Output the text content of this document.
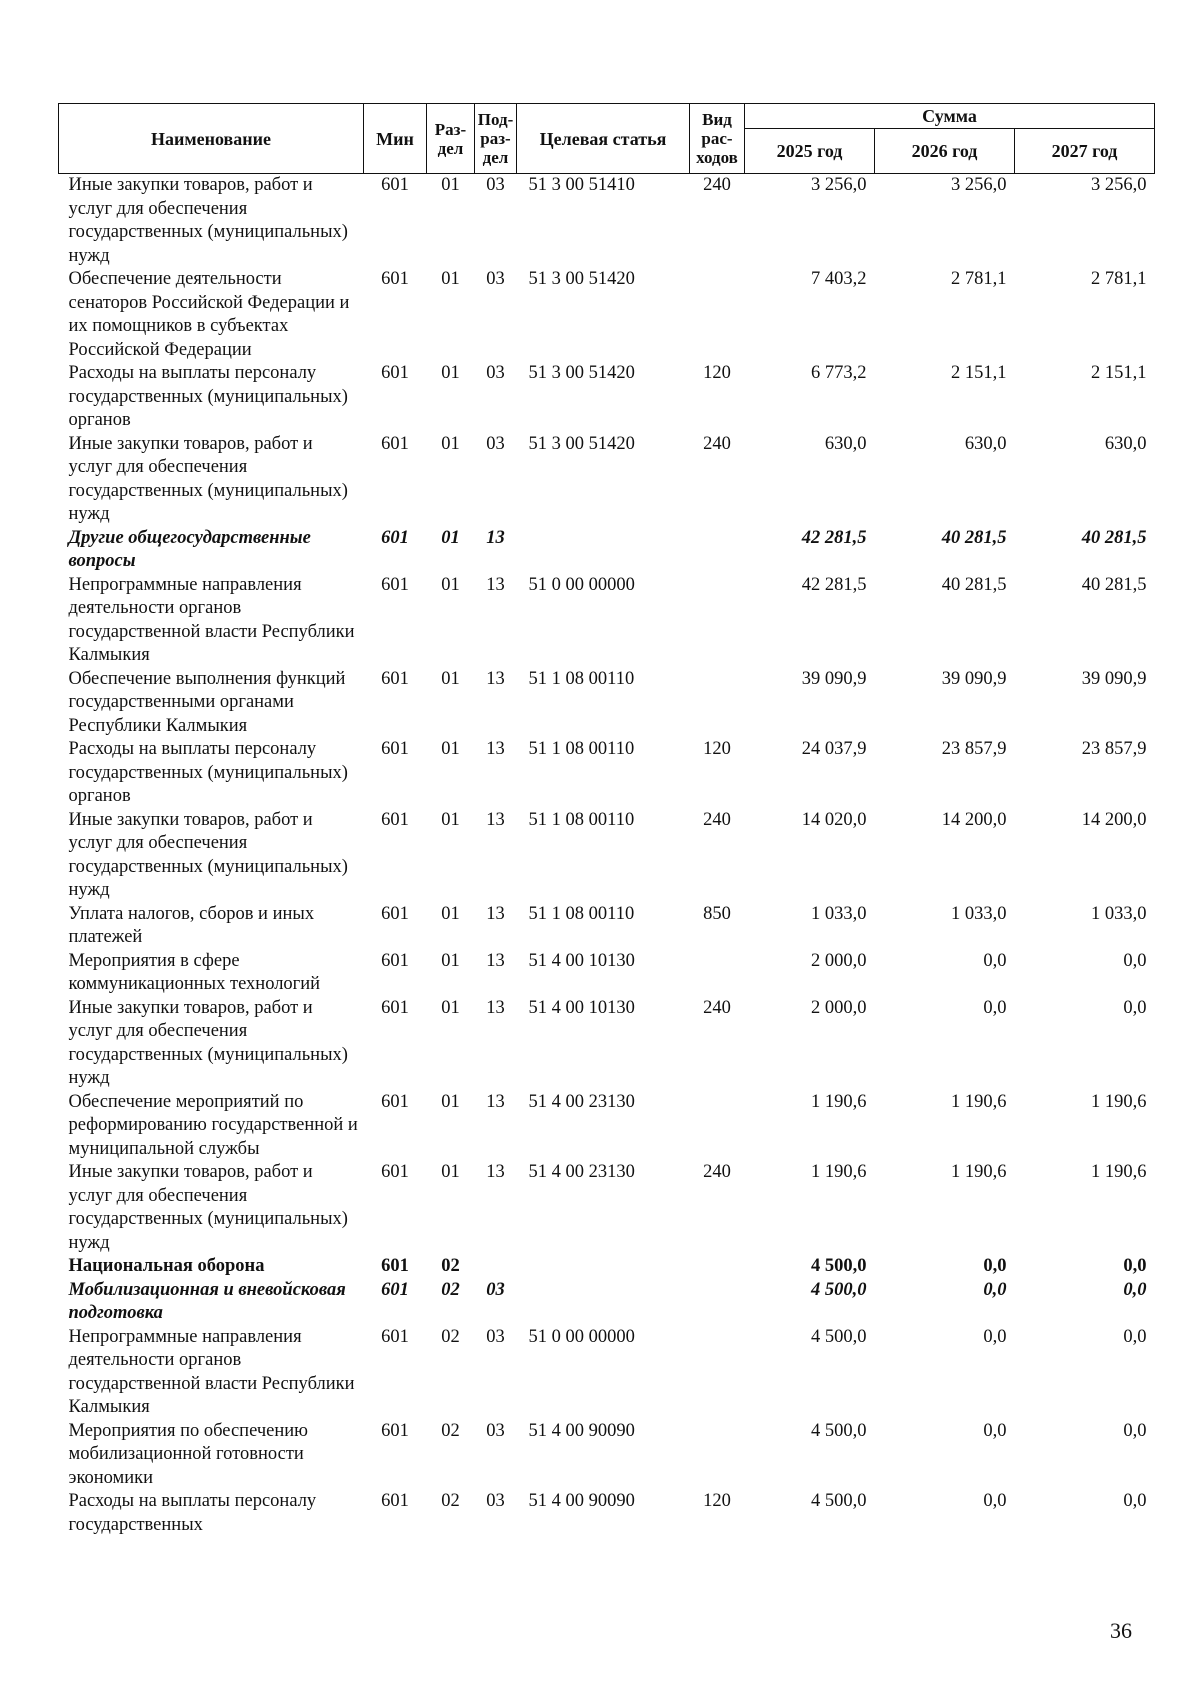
Наименование	Мин	Раз-дел	Под-раз-дел	Целевая статья	Вид рас-ходов	Сумма		
						2025 год	2026 год	2027 год
Иные закупки товаров, работ и услуг для обеспечения государственных (муниципальных) нужд	601	01	03	51 3 00 51410	240	3 256,0	3 256,0	3 256,0
Обеспечение деятельности сенаторов Российской Федерации и их помощников в субъектах Российской Федерации	601	01	03	51 3 00 51420		7 403,2	2 781,1	2 781,1
Расходы на выплаты персоналу государственных (муниципальных) органов	601	01	03	51 3 00 51420	120	6 773,2	2 151,1	2 151,1
Иные закупки товаров, работ и услуг для обеспечения государственных (муниципальных) нужд	601	01	03	51 3 00 51420	240	630,0	630,0	630,0
Другие общегосударственные вопросы	601	01	13			42 281,5	40 281,5	40 281,5
Непрограммные направления деятельности органов государственной власти Республики Калмыкия	601	01	13	51 0 00 00000		42 281,5	40 281,5	40 281,5
Обеспечение выполнения функций государственными органами Республики Калмыкия	601	01	13	51 1 08 00110		39 090,9	39 090,9	39 090,9
Расходы на выплаты персоналу государственных (муниципальных) органов	601	01	13	51 1 08 00110	120	24 037,9	23 857,9	23 857,9
Иные закупки товаров, работ и услуг для обеспечения государственных (муниципальных) нужд	601	01	13	51 1 08 00110	240	14 020,0	14 200,0	14 200,0
Уплата налогов, сборов и иных платежей	601	01	13	51 1 08 00110	850	1 033,0	1 033,0	1 033,0
Мероприятия в сфере коммуникационных технологий	601	01	13	51 4 00 10130		2 000,0	0,0	0,0
Иные закупки товаров, работ и услуг для обеспечения государственных (муниципальных) нужд	601	01	13	51 4 00 10130	240	2 000,0	0,0	0,0
Обеспечение мероприятий по реформированию государственной и муниципальной службы	601	01	13	51 4 00 23130		1 190,6	1 190,6	1 190,6
Иные закупки товаров, работ и услуг для обеспечения государственных (муниципальных) нужд	601	01	13	51 4 00 23130	240	1 190,6	1 190,6	1 190,6
Национальная оборона	601	02				4 500,0	0,0	0,0
Мобилизационная и вневойсковая подготовка	601	02	03			4 500,0	0,0	0,0
Непрограммные направления деятельности органов государственной власти Республики Калмыкия	601	02	03	51 0 00 00000		4 500,0	0,0	0,0
Мероприятия по обеспечению мобилизационной готовности экономики	601	02	03	51 4 00 90090		4 500,0	0,0	0,0
Расходы на выплаты персоналу государственных	601	02	03	51 4 00 90090	120	4 500,0	0,0	0,0
36
